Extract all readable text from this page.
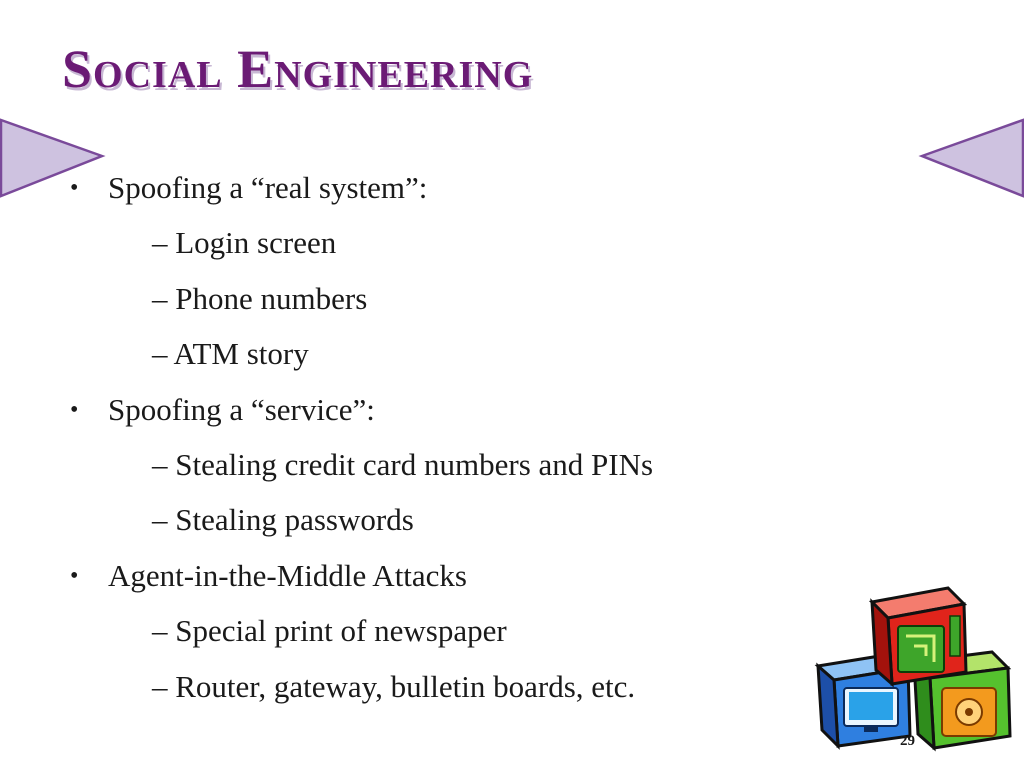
Social Engineering
• Spoofing a “real system”:
– Login screen
– Phone numbers
– ATM story
• Spoofing a “service”:
– Stealing credit card numbers and PINs
– Stealing passwords
• Agent-in-the-Middle Attacks
– Special print of newspaper
– Router, gateway, bulletin boards, etc.
29
